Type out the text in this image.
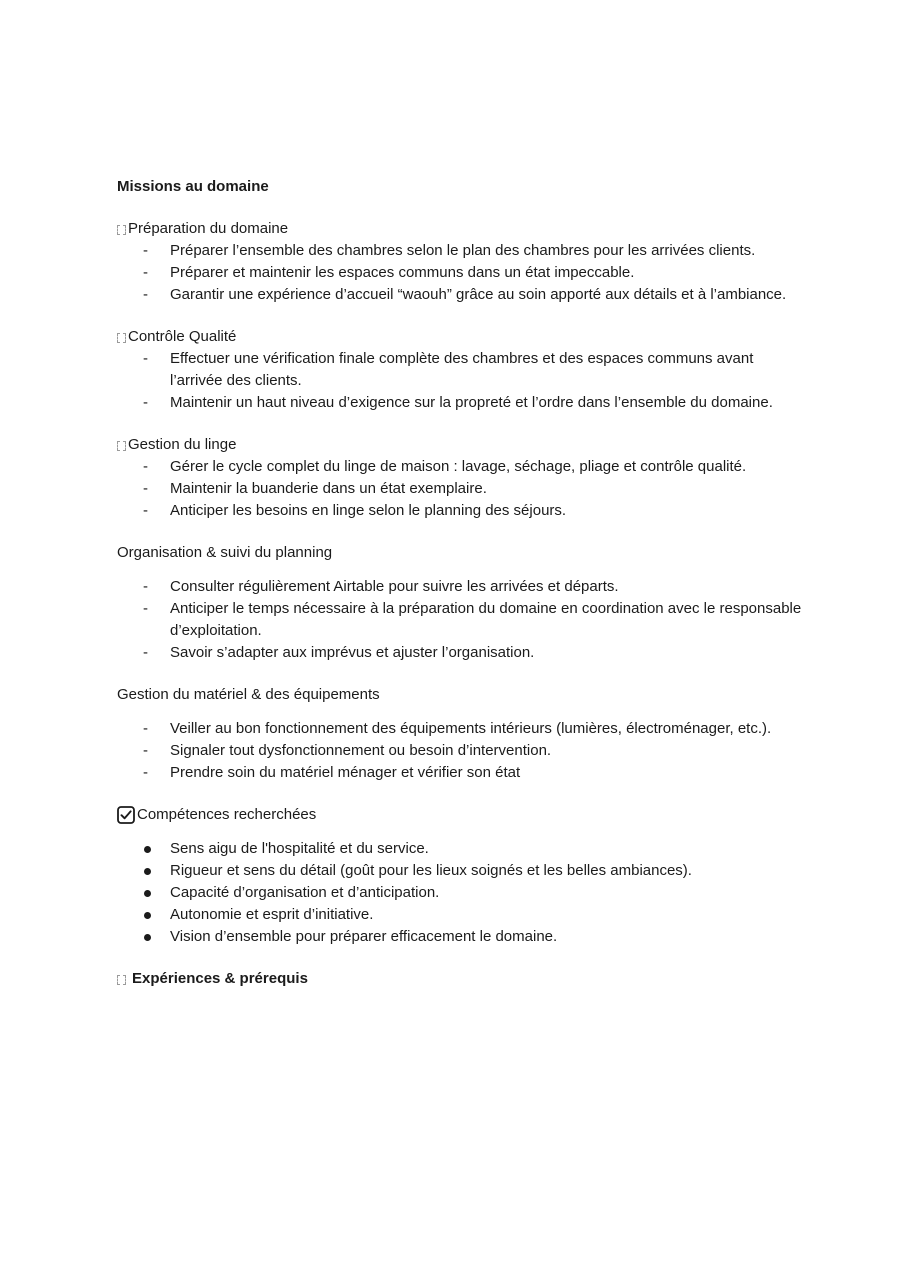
Missions au domaine
Préparation du domaine
- Préparer l’ensemble des chambres selon le plan des chambres pour les arrivées clients.
- Préparer et maintenir les espaces communs dans un état impeccable.
- Garantir une expérience d’accueil “waouh” grâce au soin apporté aux détails et à l’ambiance.
Contrôle Qualité
- Effectuer une vérification finale complète des chambres et des espaces communs avant l’arrivée des clients.
- Maintenir un haut niveau d’exigence sur la propreté et l’ordre dans l’ensemble du domaine.
Gestion du linge
- Gérer le cycle complet du linge de maison : lavage, séchage, pliage et contrôle qualité.
- Maintenir la buanderie dans un état exemplaire.
- Anticiper les besoins en linge selon le planning des séjours.
Organisation & suivi du planning
- Consulter régulièrement Airtable pour suivre les arrivées et départs.
- Anticiper le temps nécessaire à la préparation du domaine en coordination avec le responsable d’exploitation.
- Savoir s’adapter aux imprévus et ajuster l’organisation.
Gestion du matériel & des équipements
- Veiller au bon fonctionnement des équipements intérieurs (lumières, électroménager, etc.).
- Signaler tout dysfonctionnement ou besoin d’intervention.
- Prendre soin du matériel ménager et vérifier son état
Compétences recherchées
Sens aigu de l'hospitalité et du service.
Rigueur et sens du détail (goût pour les lieux soignés et les belles ambiances).
Capacité d’organisation et d’anticipation.
Autonomie et esprit d’initiative.
Vision d’ensemble pour préparer efficacement le domaine.
Expériences & prérequis
